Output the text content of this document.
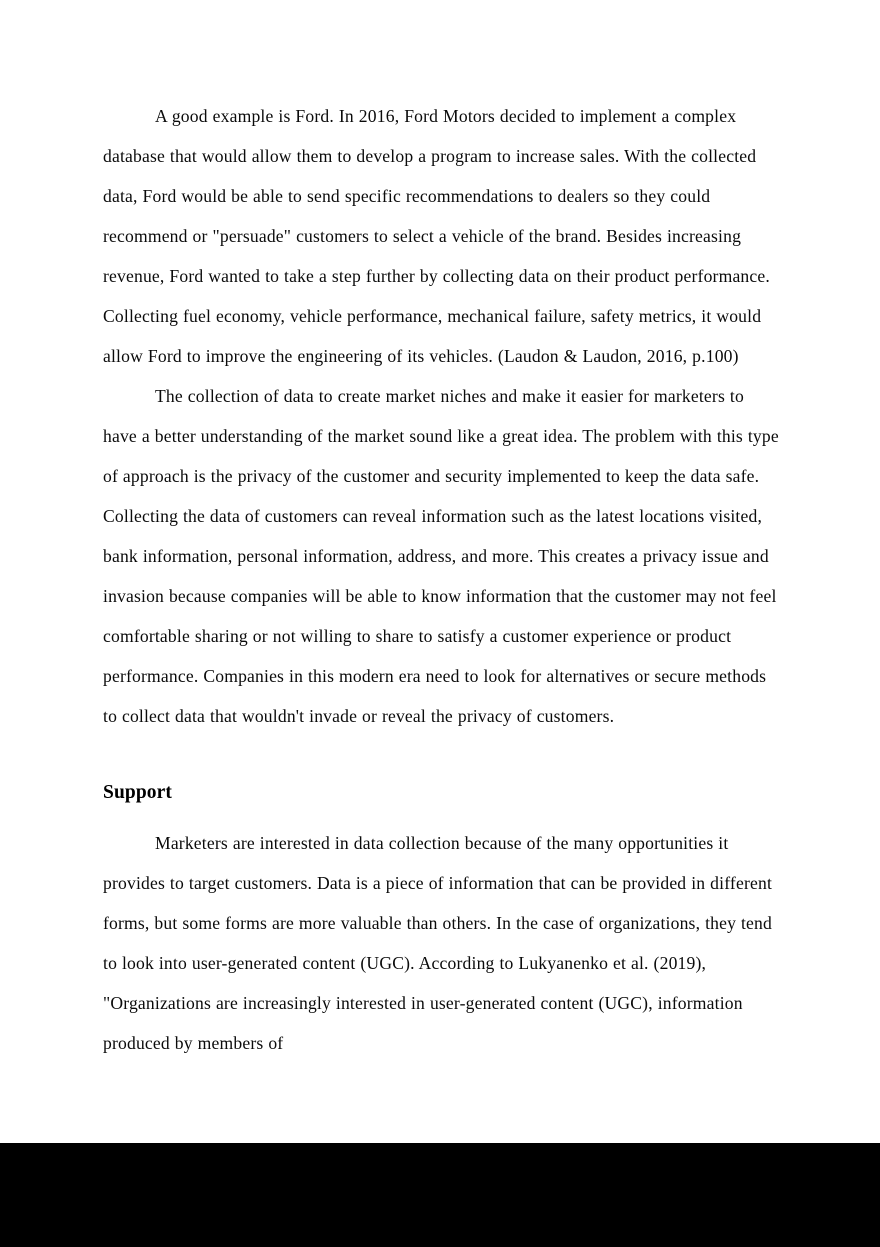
A good example is Ford. In 2016, Ford Motors decided to implement a complex database that would allow them to develop a program to increase sales. With the collected data, Ford would be able to send specific recommendations to dealers so they could recommend or "persuade" customers to select a vehicle of the brand. Besides increasing revenue, Ford wanted to take a step further by collecting data on their product performance. Collecting fuel economy, vehicle performance, mechanical failure, safety metrics, it would allow Ford to improve the engineering of its vehicles. (Laudon & Laudon, 2016, p.100)

The collection of data to create market niches and make it easier for marketers to have a better understanding of the market sound like a great idea. The problem with this type of approach is the privacy of the customer and security implemented to keep the data safe. Collecting the data of customers can reveal information such as the latest locations visited, bank information, personal information, address, and more. This creates a privacy issue and invasion because companies will be able to know information that the customer may not feel comfortable sharing or not willing to share to satisfy a customer experience or product performance. Companies in this modern era need to look for alternatives or secure methods to collect data that wouldn't invade or reveal the privacy of customers.

Support

Marketers are interested in data collection because of the many opportunities it provides to target customers. Data is a piece of information that can be provided in different forms, but some forms are more valuable than others. In the case of organizations, they tend to look into user-generated content (UGC). According to Lukyanenko et al. (2019), "Organizations are increasingly interested in user-generated content (UGC), information produced by members of
